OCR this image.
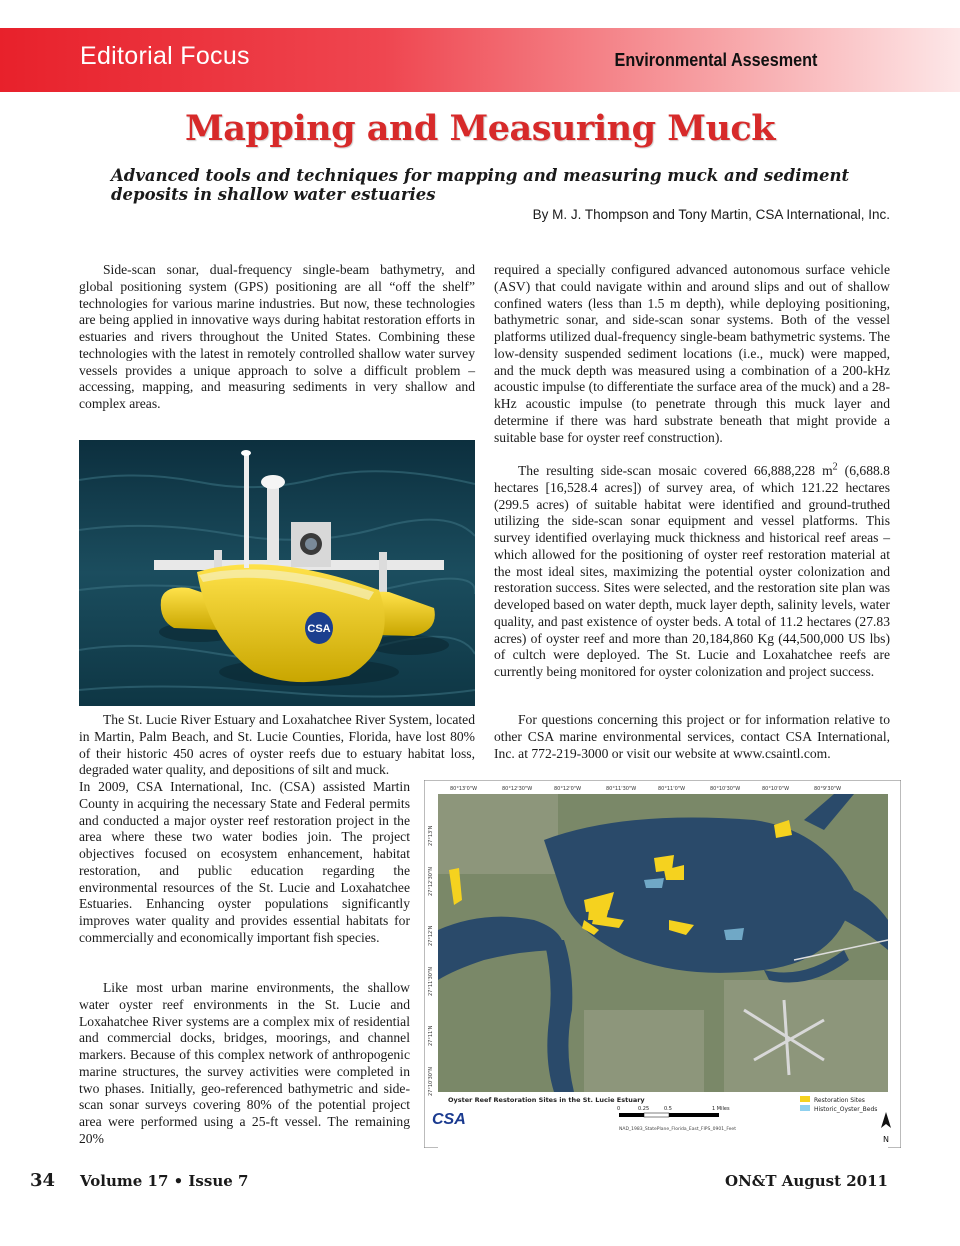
Editorial Focus	Environmental Assesment
Mapping and Measuring Muck
Advanced tools and techniques for mapping and measuring muck and sediment deposits in shallow water estuaries
By M. J. Thompson and Tony Martin, CSA International, Inc.

Side-scan sonar, dual-frequency single-beam bathymetry, and global positioning system (GPS) positioning are all “off the shelf” technologies for various marine industries. But now, these technologies are being applied in innovative ways during habitat restoration efforts in estuaries and rivers throughout the United States. Combining these technologies with the latest in remotely controlled shallow water survey vessels provides a unique approach to solve a difficult problem – accessing, mapping, and measuring sediments in very shallow and complex areas.

CSA

The St. Lucie River Estuary and Loxahatchee River System, located in Martin, Palm Beach, and St. Lucie Counties, Florida, have lost 80% of their historic 450 acres of oyster reefs due to estuary habitat loss, degraded water quality, and depositions of silt and muck.

In 2009, CSA International, Inc. (CSA) assisted Martin County in acquiring the necessary State and Federal permits and conducted a major oyster reef restoration project in the area where these two water bodies join. The project objectives focused on ecosystem enhancement, habitat restoration, and public education regarding the environmental resources of the St. Lucie and Loxahatchee Estuaries. Enhancing oyster populations significantly improves water quality and provides essential habitats for commercially and economically important fish species.

Like most urban marine environments, the shallow water oyster reef environments in the St. Lucie and Loxahatchee River systems are a complex mix of residential and commercial docks, bridges, moorings, and channel markers. Because of this complex network of anthropogenic marine structures, the survey activities were completed in two phases. Initially, geo-referenced bathymetric and side-scan sonar surveys covering 80% of the potential project area were performed using a 25-ft vessel. The remaining 20%

required a specially configured advanced autonomous surface vehicle (ASV) that could navigate within and around slips and out of shallow confined waters (less than 1.5 m depth), while deploying positioning, bathymetric sonar, and side-scan sonar systems. Both of the vessel platforms utilized dual-frequency single-beam bathymetric systems. The low-density suspended sediment locations (i.e., muck) were mapped, and the muck depth was measured using a combination of a 200-kHz acoustic impulse (to differentiate the surface area of the muck) and a 28-kHz acoustic impulse (to penetrate through this muck layer and determine if there was hard substrate beneath that might provide a suitable base for oyster reef construction).

The resulting side-scan mosaic covered 66,888,228 $m^2$ (6,688.8 hectares [16,528.4 acres]) of survey area, of which 121.22 hectares (299.5 acres) of suitable habitat were identified and ground-truthed utilizing the side-scan sonar equipment and vessel platforms. This survey identified overlaying muck thickness and historical reef areas – which allowed for the positioning of oyster reef restoration material at the most ideal sites, maximizing the potential oyster colonization and restoration success. Sites were selected, and the restoration site plan was developed based on water depth, muck layer depth, salinity levels, water quality, and past existence of oyster beds. A total of 11.2 hectares (27.83 acres) of oyster reef and more than 20,184,860 Kg (44,500,000 US lbs) of cultch were deployed. The St. Lucie and Loxahatchee reefs are currently being monitored for oyster colonization and project success.

For questions concerning this project or for information relative to other CSA marine environmental services, contact CSA International, Inc. at 772-219-3000 or visit our website at www.csaintl.com.

80°13'0"W	80°12'30"W	80°12'0"W	80°11'30"W	80°11'0"W	80°10'30"W	80°10'0"W	80°9'30"W
27°13'N
27°12'30"N
27°12'N
27°11'30"N
27°11'N
27°10'30"N
Oyster Reef Restoration Sites in the St. Lucie Estuary	Restoration Sites
Historic_Oyster_Beds
CSA
0	0.25	0.5	1 Miles
NAD_1983_StatePlane_Florida_East_FIPS_0901_Feet
N
34 Volume 17 • Issue 7	ON&T August 2011
